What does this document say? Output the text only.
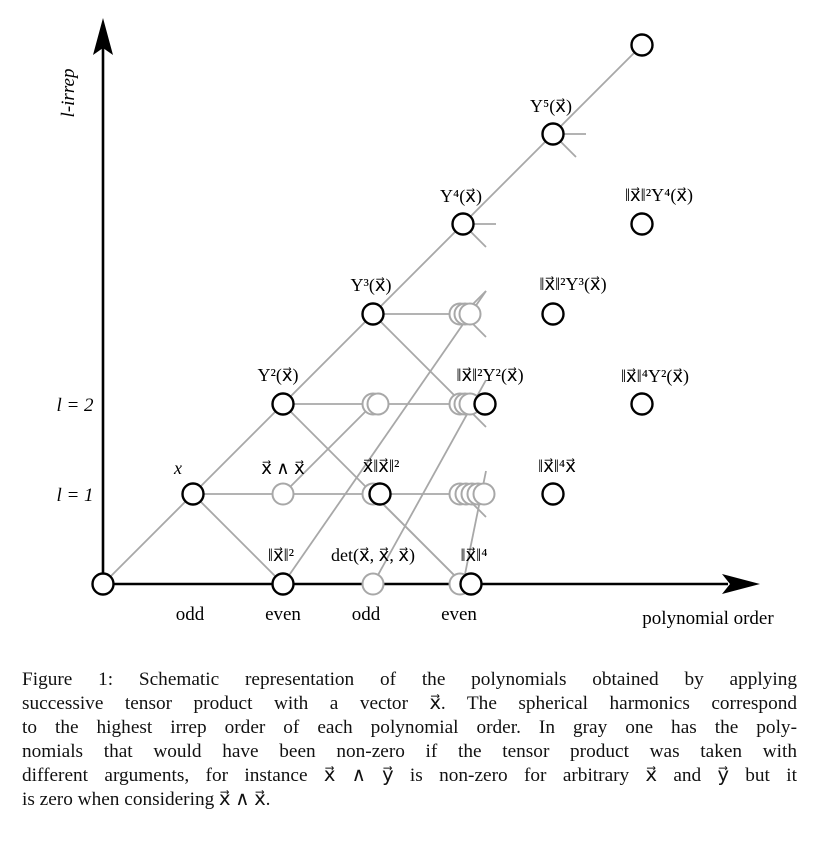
l-irrep
polynomial order
l = 2
l = 1
odd	even	odd	even
x⃗	x⃗ ∧ x⃗
‖x⃗‖² det(x⃗, x⃗, x⃗)	‖x⃗‖⁴
x⃗‖x⃗‖²	‖x⃗‖⁴x⃗
Y²(x⃗)
Y³(x⃗)
Y⁴(x⃗)
Y⁵(x⃗)
‖x⃗‖²Y²(x⃗)
‖x⃗‖²Y³(x⃗)
‖x⃗‖²Y⁴(x⃗)
‖x⃗‖⁴Y²(x⃗)
Figure 1: Schematic representation of the polynomials obtained by applying
successive tensor product with a vector x⃗. The spherical harmonics correspond
to the highest irrep order of each polynomial order. In gray one has the poly-
nomials that would have been non-zero if the tensor product was taken with
different arguments, for instance x⃗ ∧ y⃗ is non-zero for arbitrary x⃗ and y⃗ but it
is zero when considering x⃗ ∧ x⃗.
